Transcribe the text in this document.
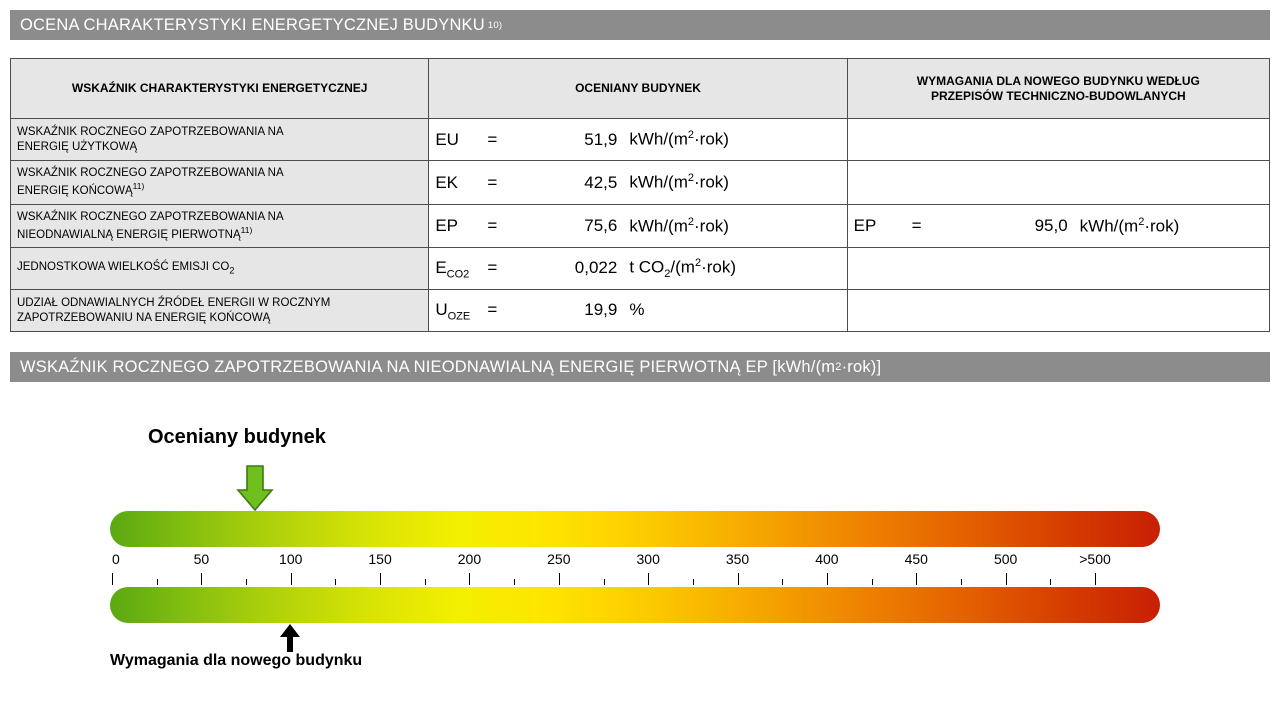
OCENA CHARAKTERYSTYKI ENERGETYCZNEJ BUDYNKU 10)
WSKAŹNIK CHARAKTERYSTYKI ENERGETYCZNEJ	OCENIANY BUDYNEK	WYMAGANIA DLA NOWEGO BUDYNKU WEDŁUG
PRZEPISÓW TECHNICZNO-BUDOWLANYCH
WSKAŹNIK ROCZNEGO ZAPOTRZEBOWANIA NA
ENERGIĘ UŻYTKOWĄ	EU = 51,9 kWh/$(m^2\cdot rok)$	

WSKAŹNIK ROCZNEGO ZAPOTRZEBOWANIA NA
ENERGIĘ KOŃCOWĄ$^{11)}$	EK = 42,5 kWh/$(m^2\cdot rok)$	

WSKAŹNIK ROCZNEGO ZAPOTRZEBOWANIA NA
NIEODNAWIALNĄ ENERGIĘ PIERWOTNĄ$^{11)}$	EP = 75,6 kWh/$(m^2\cdot rok)$	EP = 95,0 kWh/$(m^2\cdot rok)$

JEDNOSTKOWA WIELKOŚĆ EMISJI $CO_2$	$E_{CO2} = 0,022$ t $CO_2/(m^2\cdot rok)$	

UDZIAŁ ODNAWIALNYCH ŹRÓDEŁ ENERGII W ROCZNYM
ZAPOTRZEBOWANIU NA ENERGIĘ KOŃCOWĄ	$U_{OZE} = 19,9$ %	

WSKAŹNIK ROCZNEGO ZAPOTRZEBOWANIA NA NIEODNAWIALNĄ ENERGIĘ PIERWOTNĄ EP [kWh/(m 2 ·rok)]
Oceniany budynek
0	50	100	150	200	250	300	350	400	450	500	>500
Wymagania dla nowego budynku
